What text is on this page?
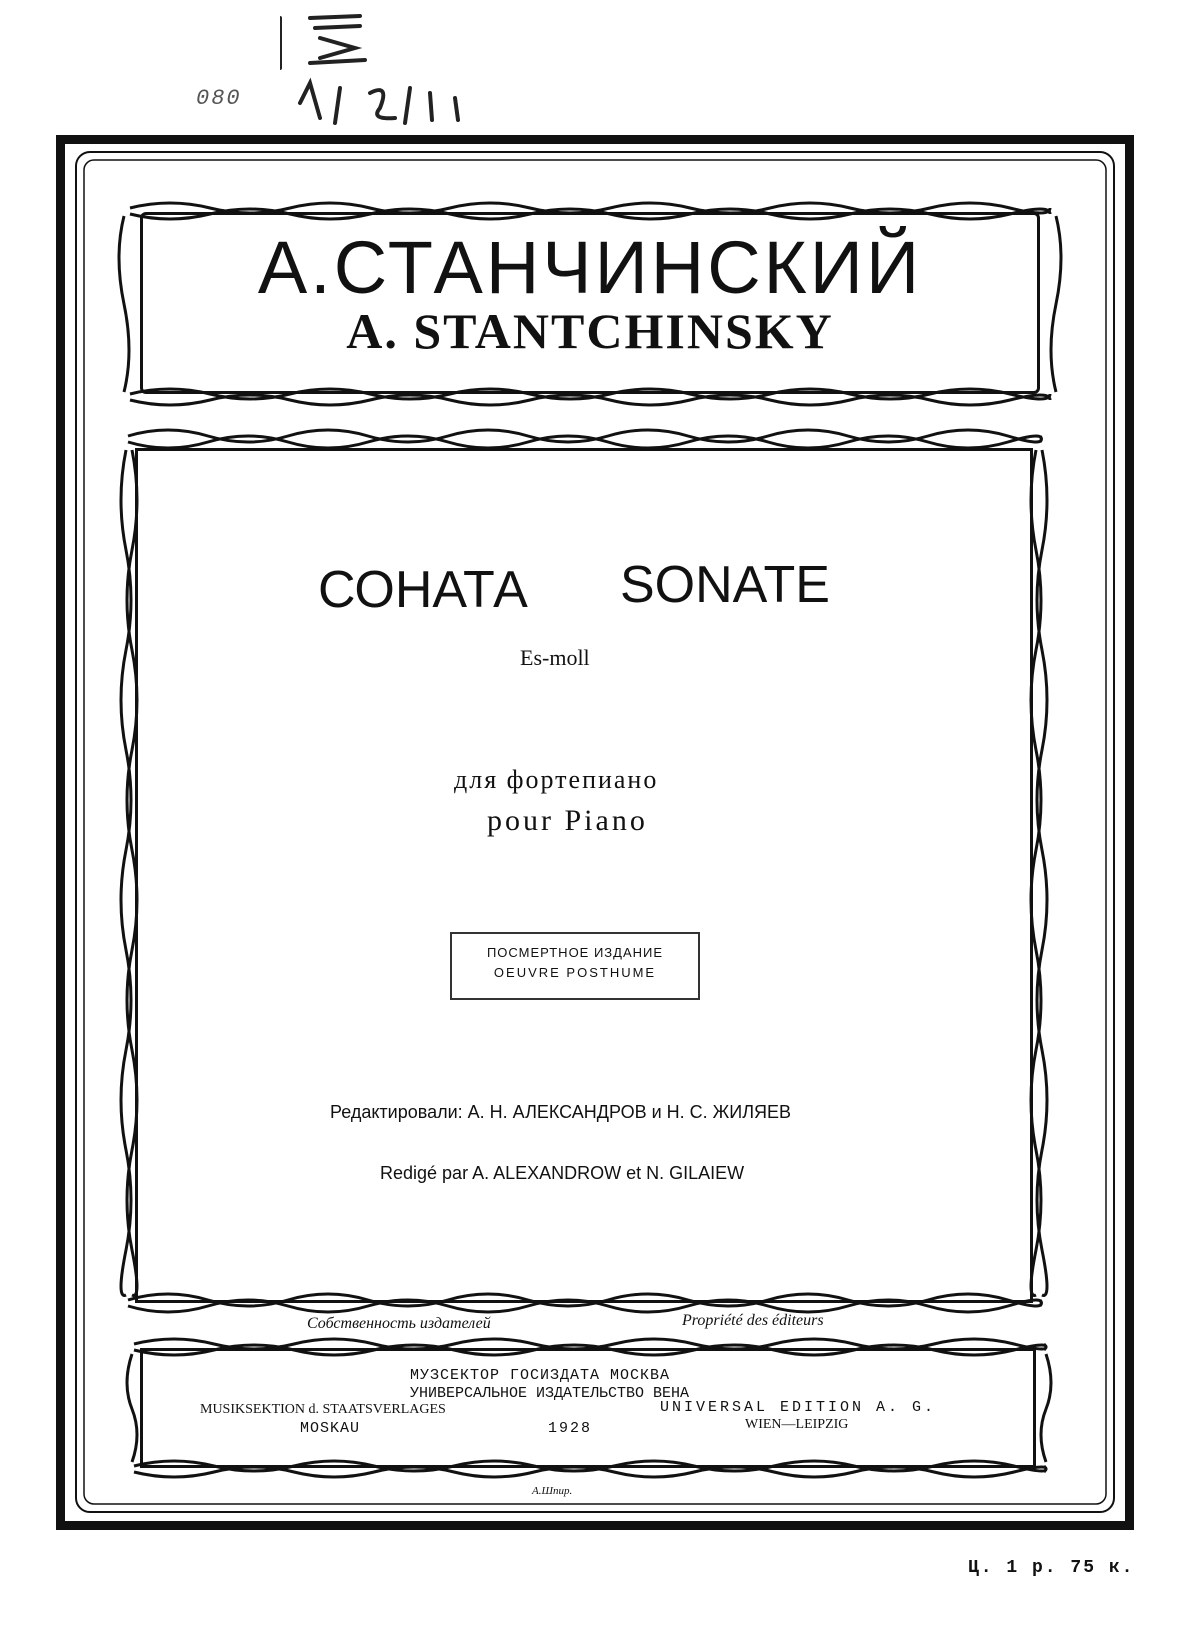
080
А.СТАНЧИНСКИЙ
A. STANTCHINSKY
СОНАТА SONATE
Es-moll
для фортепиано
pour Piano
ПОСМЕРТНОЕ ИЗДАНИЕ
OEUVRE POSTHUME
Редактировали: А. Н. АЛЕКСАНДРОВ и Н. С. ЖИЛЯЕВ
Redigé par A. ALEXANDROW et N. GILAIEW
Собственность издателей	Propriété des éditeurs
МУЗСЕКТОР ГОСИЗДАТА МОСКВА
УНИВЕРСАЛЬНОЕ ИЗДАТЕЛЬСТВО ВЕНА
MUSIKSEKTION d. STAATSVERLAGES
MOSKAU	1928
UNIVERSAL EDITION A. G.
WIEN—LEIPZIG
А.Шпир.
Ц. 1 р. 75 к.
